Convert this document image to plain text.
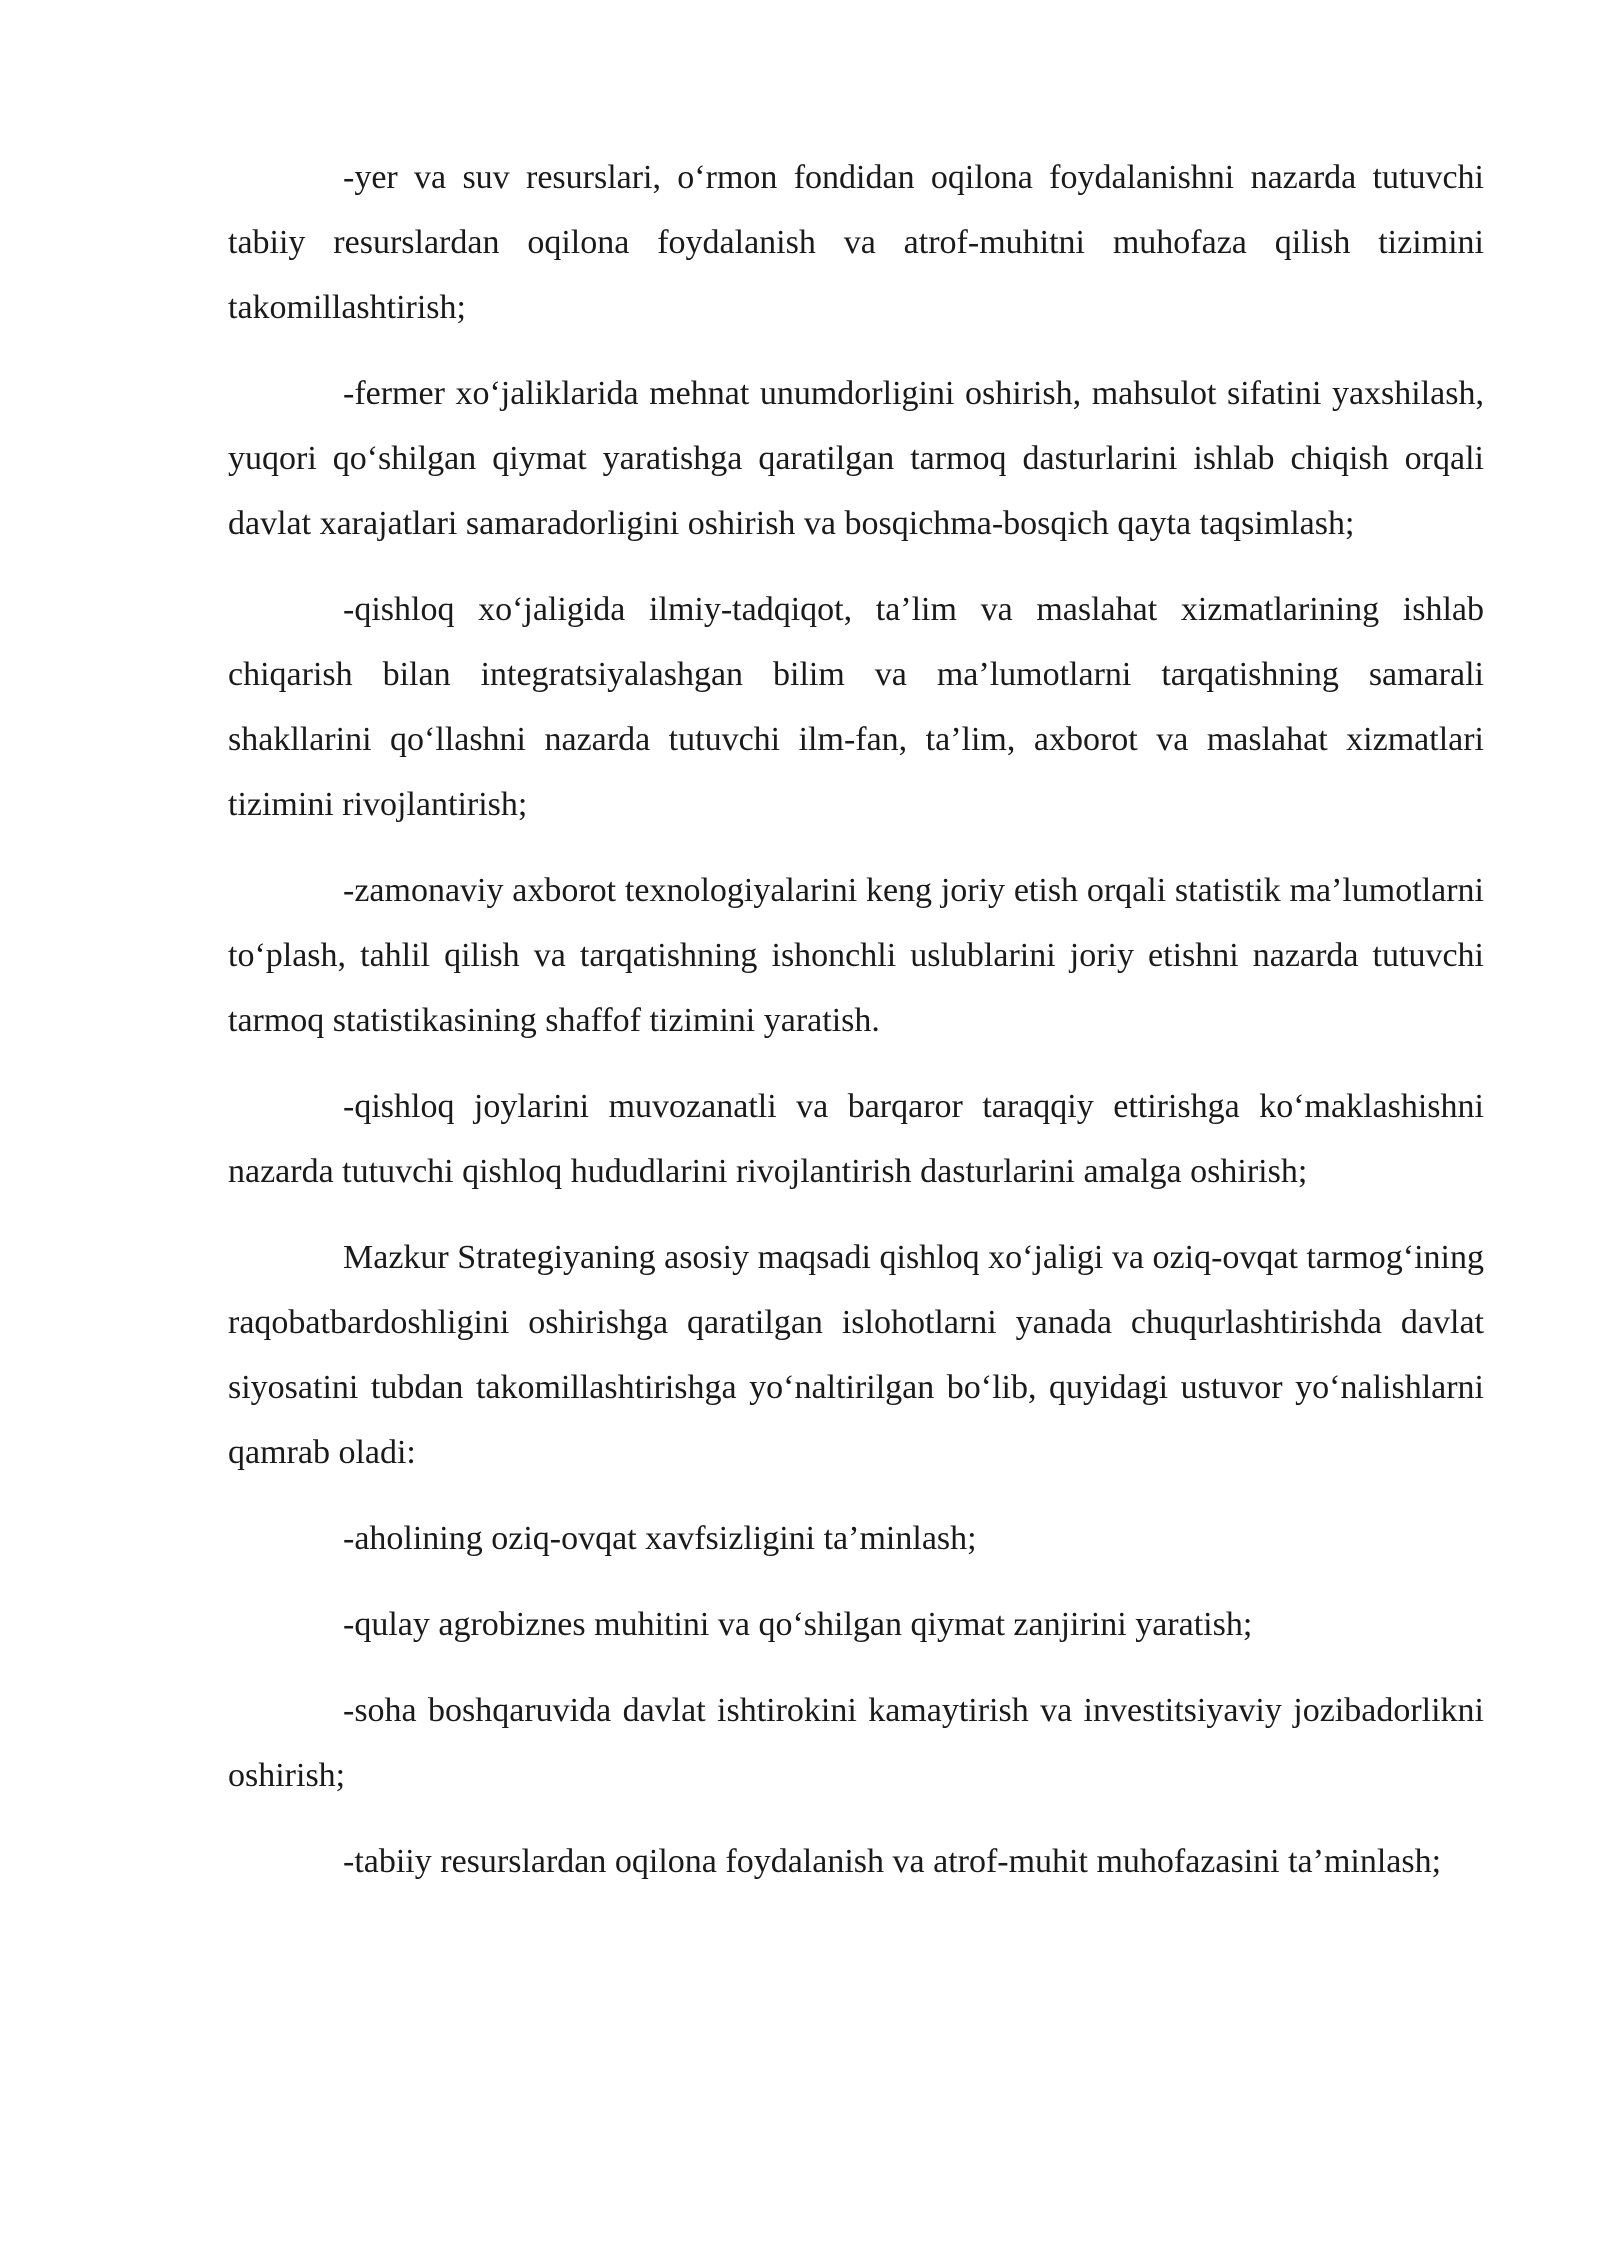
-yer va suv resurslari, o‘rmon fondidan oqilona foydalanishni nazarda tutuvchi tabiiy resurslardan oqilona foydalanish va atrof-muhitni muhofaza qilish tizimini takomillashtirish;

-fermer xo‘jaliklarida mehnat unumdorligini oshirish, mahsulot sifatini yaxshilash, yuqori qo‘shilgan qiymat yaratishga qaratilgan tarmoq dasturlarini ishlab chiqish orqali davlat xarajatlari samaradorligini oshirish va bosqichma-bosqich qayta taqsimlash;

-qishloq xo‘jaligida ilmiy-tadqiqot, ta’lim va maslahat xizmatlarining ishlab chiqarish bilan integratsiyalashgan bilim va ma’lumotlarni tarqatishning samarali shakllarini qo‘llashni nazarda tutuvchi ilm-fan, ta’lim, axborot va maslahat xizmatlari tizimini rivojlantirish;

-zamonaviy axborot texnologiyalarini keng joriy etish orqali statistik ma’lumotlarni to‘plash, tahlil qilish va tarqatishning ishonchli uslublarini joriy etishni nazarda tutuvchi tarmoq statistikasining shaffof tizimini yaratish.

-qishloq joylarini muvozanatli va barqaror taraqqiy ettirishga ko‘maklashishni nazarda tutuvchi qishloq hududlarini rivojlantirish dasturlarini amalga oshirish;

Mazkur Strategiyaning asosiy maqsadi qishloq xo‘jaligi va oziq-ovqat tarmog‘ining raqobatbardoshligini oshirishga qaratilgan islohotlarni yanada chuqurlashtirishda davlat siyosatini tubdan takomillashtirishga yo‘naltirilgan bo‘lib, quyidagi ustuvor yo‘nalishlarni qamrab oladi:

-aholining oziq-ovqat xavfsizligini ta’minlash;

-qulay agrobiznes muhitini va qo‘shilgan qiymat zanjirini yaratish;

-soha boshqaruvida davlat ishtirokini kamaytirish va investitsiyaviy jozibadorlikni oshirish;

-tabiiy resurslardan oqilona foydalanish va atrof-muhit muhofazasini ta’minlash;
